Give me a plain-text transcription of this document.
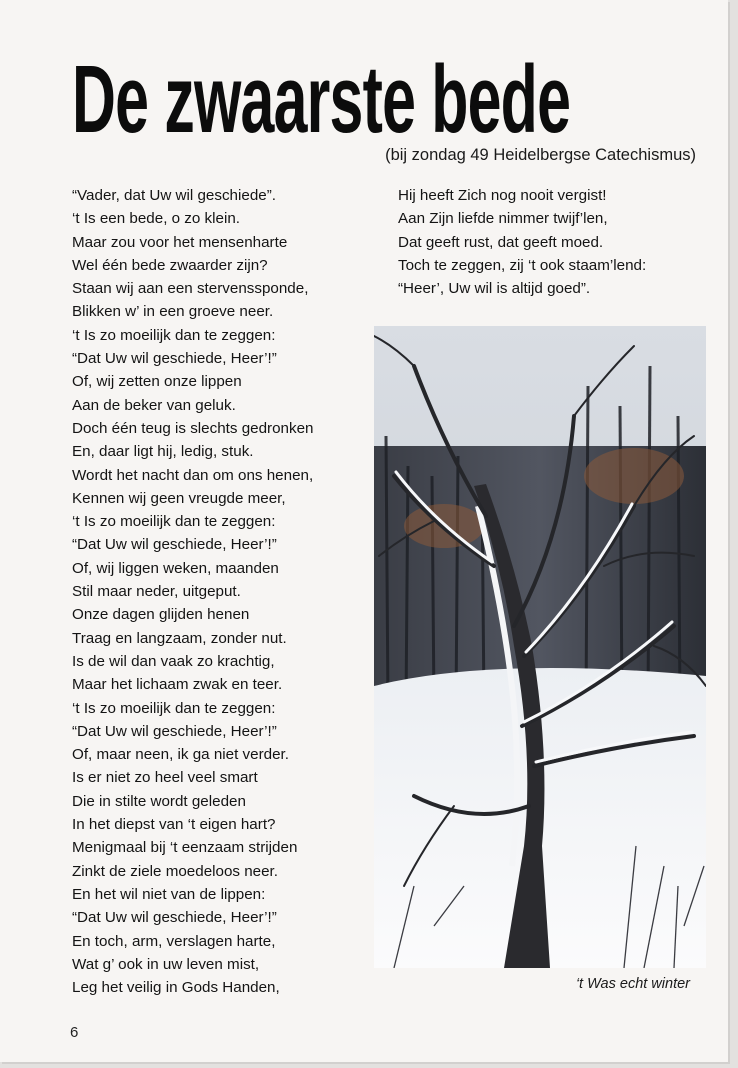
De zwaarste bede
(bij zondag 49 Heidelbergse Catechismus)
“Vader, dat Uw wil geschiede”.
‘t Is een bede, o zo klein.
Maar zou voor het mensenharte
Wel één bede zwaarder zijn?
Staan wij aan een stervenssponde,
Blikken w’ in een groeve neer.
‘t Is zo moeilijk dan te zeggen:
“Dat Uw wil geschiede, Heer’!”
Of, wij zetten onze lippen
Aan de beker van geluk.
Doch één teug is slechts gedronken
En, daar ligt hij, ledig, stuk.
Wordt het nacht dan om ons henen,
Kennen wij geen vreugde meer,
‘t Is zo moeilijk dan te zeggen:
“Dat Uw wil geschiede, Heer’!”
Of, wij liggen weken, maanden
Stil maar neder, uitgeput.
Onze dagen glijden henen
Traag en langzaam, zonder nut.
Is de wil dan vaak zo krachtig,
Maar het lichaam zwak en teer.
‘t Is zo moeilijk dan te zeggen:
“Dat Uw wil geschiede, Heer’!”
Of, maar neen, ik ga niet verder.
Is er niet zo heel veel smart
Die in stilte wordt geleden
In het diepst van ‘t eigen hart?
Menigmaal bij ‘t eenzaam strijden
Zinkt de ziele moedeloos neer.
En het wil niet van de lippen:
“Dat Uw wil geschiede, Heer’!”
En toch, arm, verslagen harte,
Wat g’ ook in uw leven mist,
Leg het veilig in Gods Handen,
Hij heeft Zich nog nooit vergist!
Aan Zijn liefde nimmer twijf’len,
Dat geeft rust, dat geeft moed.
Toch te zeggen, zij ‘t ook staam’lend:
“Heer’, Uw wil is altijd goed”.
‘t Was echt winter
6
